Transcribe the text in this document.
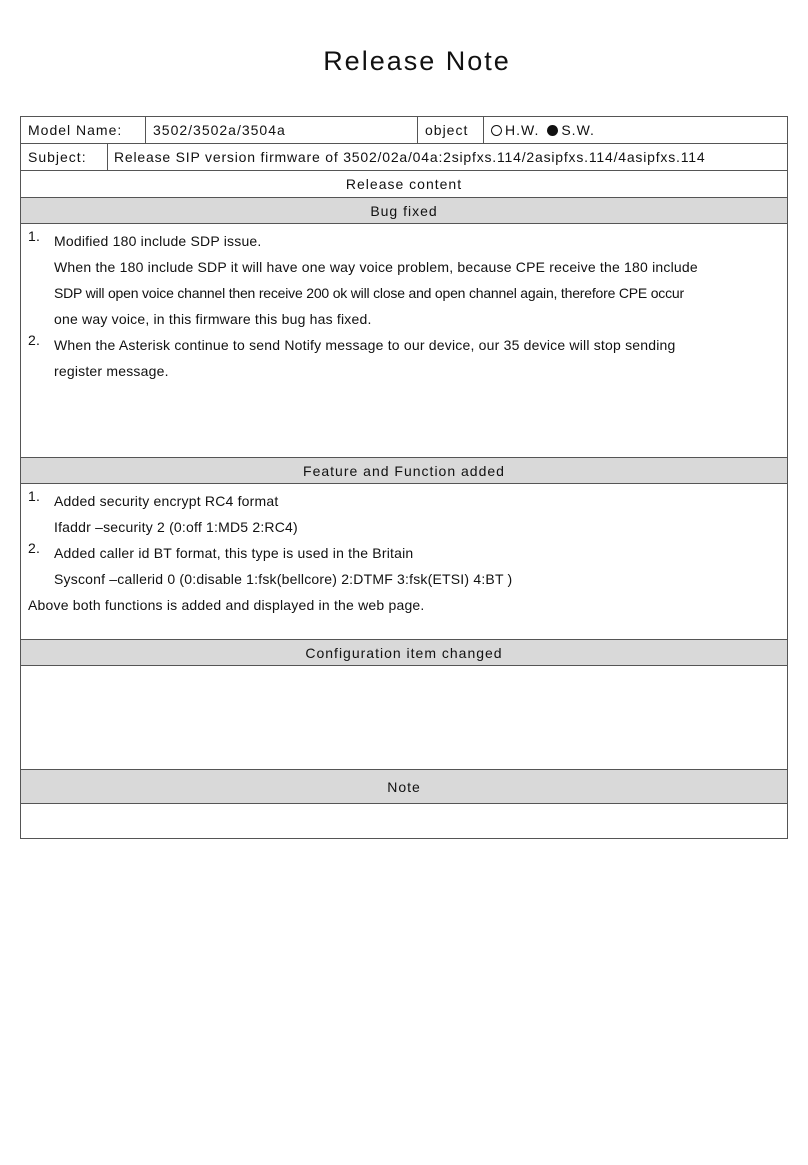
Release Note
Model Name:	3502/3502a/3504a	object	H.W. S.W.
Subject:	Release SIP version firmware of 3502/02a/04a:2sipfxs.114/2asipfxs.114/4asipfxs.114
Release content
Bug fixed
1. Modified 180 include SDP issue.
When the 180 include SDP it will have one way voice problem, because CPE receive the 180 include
SDP will open voice channel then receive 200 ok will close and open channel again, therefore CPE occur
one way voice, in this firmware this bug has fixed.
2. When the Asterisk continue to send Notify message to our device, our 35 device will stop sending
register message.
Feature and Function added
1. Added security encrypt RC4 format
Ifaddr –security 2 (0:off 1:MD5 2:RC4)
2. Added caller id BT format, this type is used in the Britain
Sysconf –callerid 0 (0:disable 1:fsk(bellcore) 2:DTMF 3:fsk(ETSI) 4:BT )
Above both functions is added and displayed in the web page.
Configuration item changed
Note
